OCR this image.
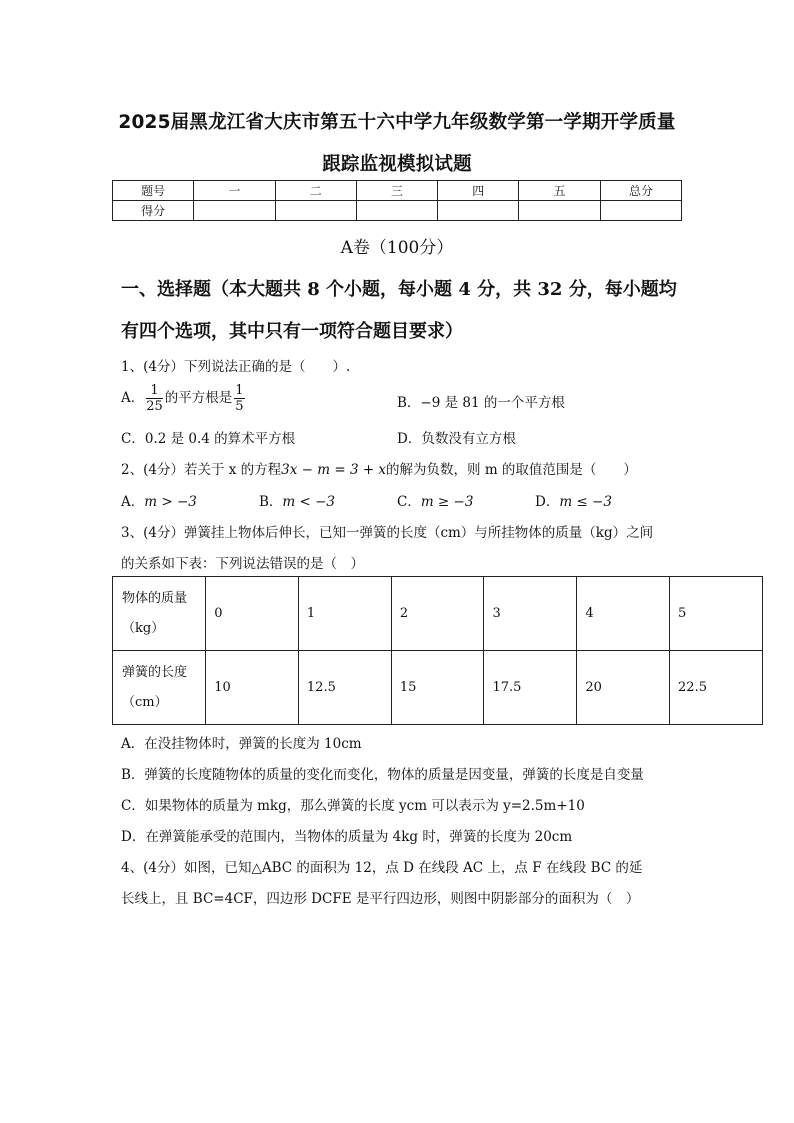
2025届黑龙江省大庆市第五十六中学九年级数学第一学期开学质量
跟踪监视模拟试题
题号	一	二	三	四	五	总分
得分						
A卷（100分）
一、选择题（本大题共 8 个小题，每小题 4 分，共 32 分，每小题均
有四个选项，其中只有一项符合题目要求）
1、(4分）下列说法正确的是（　　）.
A． $\frac{1}{25}$ 的平方根是 $\frac{1}{5}$	B．−9 是 81 的一个平方根
C．0.2 是 0.4 的算术平方根	D．负数没有立方根
2、(4分）若关于 x 的方程3x − m = 3 + x的解为负数，则 m 的取值范围是（　　）
A．m > −3	B．m < −3	C．m ≥ −3	D．m ≤ −3
3、(4分）弹簧挂上物体后伸长，已知一弹簧的长度（cm）与所挂物体的质量（kg）之间
的关系如下表：下列说法错误的是（　）
物体的质量
（kg）	0	1	2	3	4	5

弹簧的长度
（cm）	10	12.5	15	17.5	20	22.5
A．在没挂物体时，弹簧的长度为 10cm
B．弹簧的长度随物体的质量的变化而变化，物体的质量是因变量，弹簧的长度是自变量
C．如果物体的质量为 mkg，那么弹簧的长度 ycm 可以表示为 y=2.5m+10
D．在弹簧能承受的范围内，当物体的质量为 4kg 时，弹簧的长度为 20cm
4、(4分）如图，已知△ABC 的面积为 12，点 D 在线段 AC 上，点 F 在线段 BC 的延
长线上，且 BC=4CF，四边形 DCFE 是平行四边形，则图中阴影部分的面积为（　）
